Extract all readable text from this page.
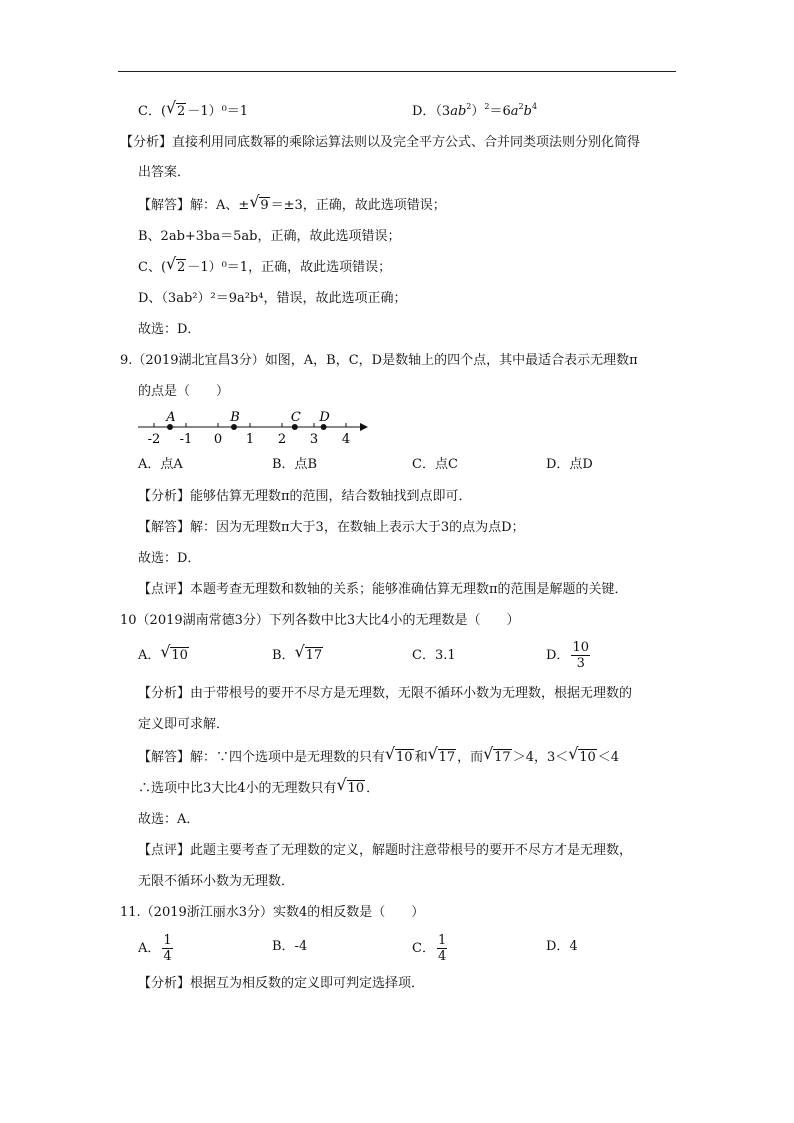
C．( √ 2 －1）⁰＝1	D．$(3ab^2)^2=6a^2b^4$
【分析】直接利用同底数幂的乘除运算法则以及完全平方公式、合并同类项法则分别化简得
出答案．
【解答】解：A、± √ 9 ＝±3，正确，故此选项错误；
B、2ab+3ba＝5ab，正确，故此选项错误；
C、( √ 2 －1）⁰＝1，正确，故此选项错误；
D、（3ab²）²＝9a²b⁴，错误，故此选项正确；
故选：D．
9.（2019湖北宜昌3分）如图，A，B，C，D是数轴上的四个点，其中最适合表示无理数π
的点是（　　）
-2 -1 0 1 2 3 4
A	B	C D
A．点A	B．点B	C．点C	D．点D
【分析】能够估算无理数π的范围，结合数轴找到点即可．
【解答】解：因为无理数π大于3，在数轴上表示大于3的点为点D；
故选：D．
【点评】本题考查无理数和数轴的关系；能够准确估算无理数π的范围是解题的关键．
10（2019湖南常德3分）下列各数中比3大比4小的无理数是（　　）
A． √ 10	B． √ 17	C．3.1	D． $\frac{10}{3}$
【分析】由于带根号的要开不尽方是无理数，无限不循环小数为无理数，根据无理数的
定义即可求解．
【解答】解：∵四个选项中是无理数的只有 √ 10 和 √ 17 ，而 √ 17 ＞4，3＜ √ 10 ＜4
∴选项中比3大比4小的无理数只有 √ 10 ．
故选：A．
【点评】此题主要考查了无理数的定义，解题时注意带根号的要开不尽方才是无理数，
无限不循环小数为无理数．
11.（2019浙江丽水3分）实数4的相反数是（　　）
A． $\frac{1}{4}$	B．-4	C． $\frac{1}{4}$	D．4
【分析】根据互为相反数的定义即可判定选择项．
